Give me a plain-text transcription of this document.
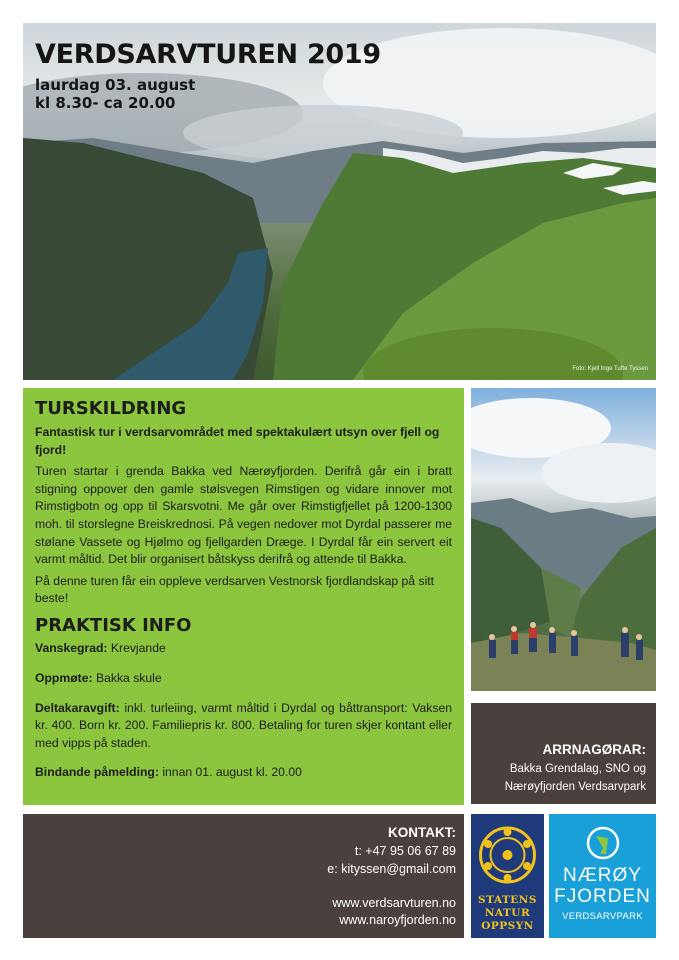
VERDSARVTUREN 2019

laurdag 03. august

kl 8.30- ca 20.00

Foto: Kjell Inge Tufte Tyssen
TURSKILDRING

Fantastisk tur i verdsarvområdet med spektakulært utsyn over fjell og fjord!

Turen startar i grenda Bakka ved Nærøyfjorden. Derifrå går ein i bratt stigning oppover den gamle stølsvegen Rimstigen og vidare innover mot Rimstigbotn og opp til Skarsvotni. Me går over Rimstigfjellet på 1200-1300 moh. til storslegne Breiskrednosi. På vegen nedover mot Dyrdal passerer me stølane Vassete og Hjølmo og fjellgarden Dræge. I Dyrdal får ein servert eit varmt måltid. Det blir organisert båtskyss derifrå og attende til Bakka.

På denne turen får ein oppleve verdsarven Vestnorsk fjordlandskap på sitt beste!

PRAKTISK INFO

Vanskegrad: Krevjande

Oppmøte: Bakka skule

Deltakaravgift: inkl. turleiing, varmt måltid i Dyrdal og båttransport: Vaksen kr. 400. Born kr. 200. Familiepris kr. 800. Betaling for turen skjer kontant eller med vipps på staden.

Bindande påmelding: innan 01. august kl. 20.00

ARRNAGØRAR:

Bakka Grendalag, SNO og

Nærøyfjorden Verdsarvpark

KONTAKT:

t: +47 95 06 67 89

e: kityssen@gmail.com

www.verdsarvturen.no

www.naroyfjorden.no

STATENS

NATUR

OPPSYN

NÆRØY

FJORDEN

VERDSARVPARK
